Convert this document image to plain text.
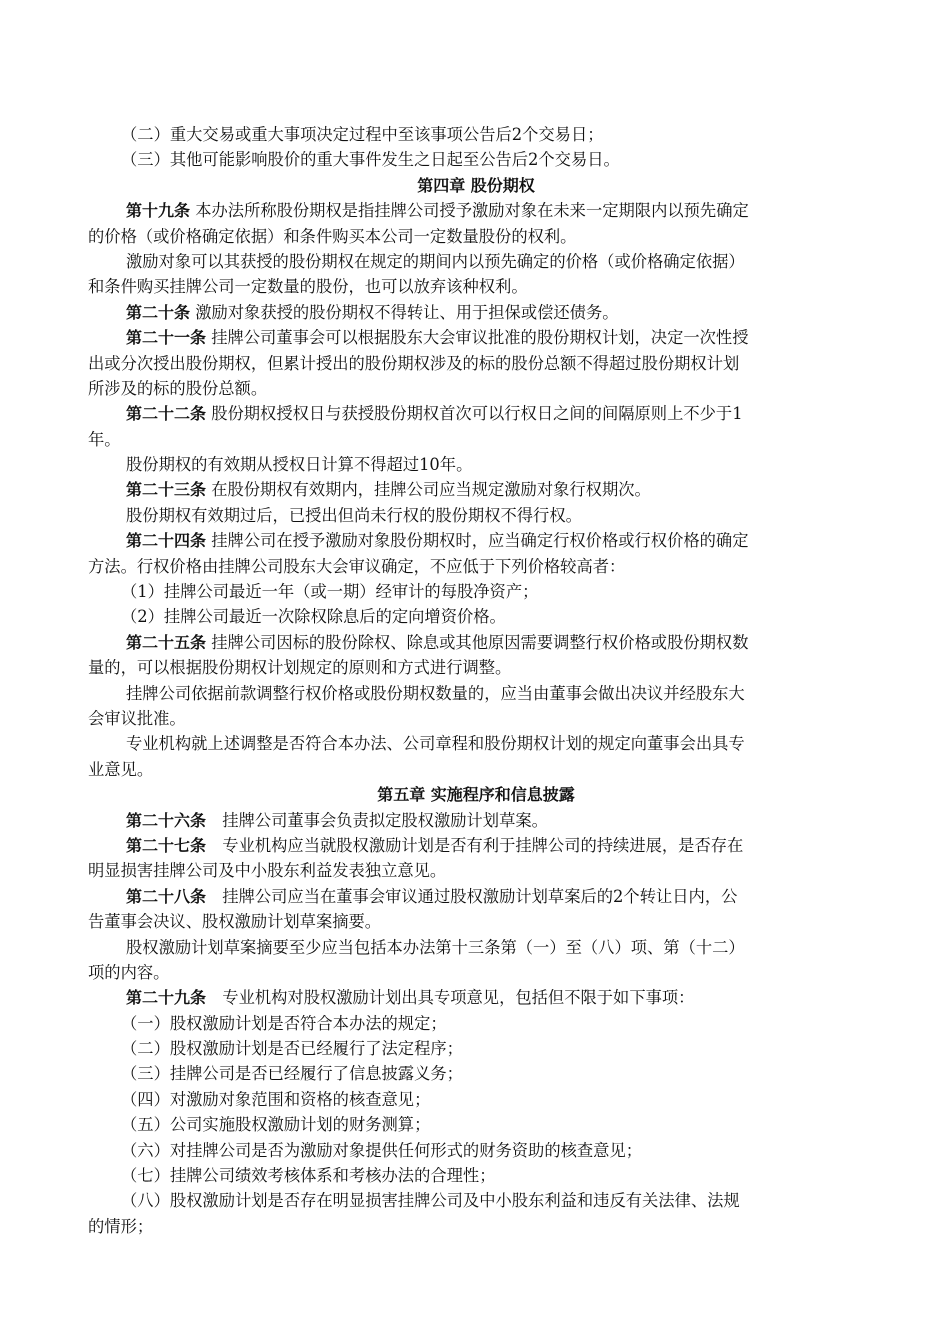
（二）重大交易或重大事项决定过程中至该事项公告后2个交易日；
（三）其他可能影响股价的重大事件发生之日起至公告后2个交易日。
第四章 股份期权
第十九条 本办法所称股份期权是指挂牌公司授予激励对象在未来一定期限内以预先确定
的价格（或价格确定依据）和条件购买本公司一定数量股份的权利。
激励对象可以其获授的股份期权在规定的期间内以预先确定的价格（或价格确定依据）
和条件购买挂牌公司一定数量的股份，也可以放弃该种权利。
第二十条 激励对象获授的股份期权不得转让、用于担保或偿还债务。
第二十一条 挂牌公司董事会可以根据股东大会审议批准的股份期权计划，决定一次性授
出或分次授出股份期权，但累计授出的股份期权涉及的标的股份总额不得超过股份期权计划
所涉及的标的股份总额。
第二十二条 股份期权授权日与获授股份期权首次可以行权日之间的间隔原则上不少于1
年。
股份期权的有效期从授权日计算不得超过10年。
第二十三条 在股份期权有效期内，挂牌公司应当规定激励对象行权期次。
股份期权有效期过后，已授出但尚未行权的股份期权不得行权。
第二十四条 挂牌公司在授予激励对象股份期权时，应当确定行权价格或行权价格的确定
方法。行权价格由挂牌公司股东大会审议确定，不应低于下列价格较高者：
（1）挂牌公司最近一年（或一期）经审计的每股净资产；
（2）挂牌公司最近一次除权除息后的定向增资价格。
第二十五条 挂牌公司因标的股份除权、除息或其他原因需要调整行权价格或股份期权数
量的，可以根据股份期权计划规定的原则和方式进行调整。
挂牌公司依据前款调整行权价格或股份期权数量的，应当由董事会做出决议并经股东大
会审议批准。
专业机构就上述调整是否符合本办法、公司章程和股份期权计划的规定向董事会出具专
业意见。
第五章 实施程序和信息披露
第二十六条　挂牌公司董事会负责拟定股权激励计划草案。
第二十七条　专业机构应当就股权激励计划是否有利于挂牌公司的持续进展，是否存在
明显损害挂牌公司及中小股东利益发表独立意见。
第二十八条　挂牌公司应当在董事会审议通过股权激励计划草案后的2个转让日内，公
告董事会决议、股权激励计划草案摘要。
股权激励计划草案摘要至少应当包括本办法第十三条第（一）至（八）项、第（十二）
项的内容。
第二十九条　专业机构对股权激励计划出具专项意见，包括但不限于如下事项：
（一）股权激励计划是否符合本办法的规定；
（二）股权激励计划是否已经履行了法定程序；
（三）挂牌公司是否已经履行了信息披露义务；
（四）对激励对象范围和资格的核查意见；
（五）公司实施股权激励计划的财务测算；
（六）对挂牌公司是否为激励对象提供任何形式的财务资助的核查意见；
（七）挂牌公司绩效考核体系和考核办法的合理性；
（八）股权激励计划是否存在明显损害挂牌公司及中小股东利益和违反有关法律、法规
的情形；
